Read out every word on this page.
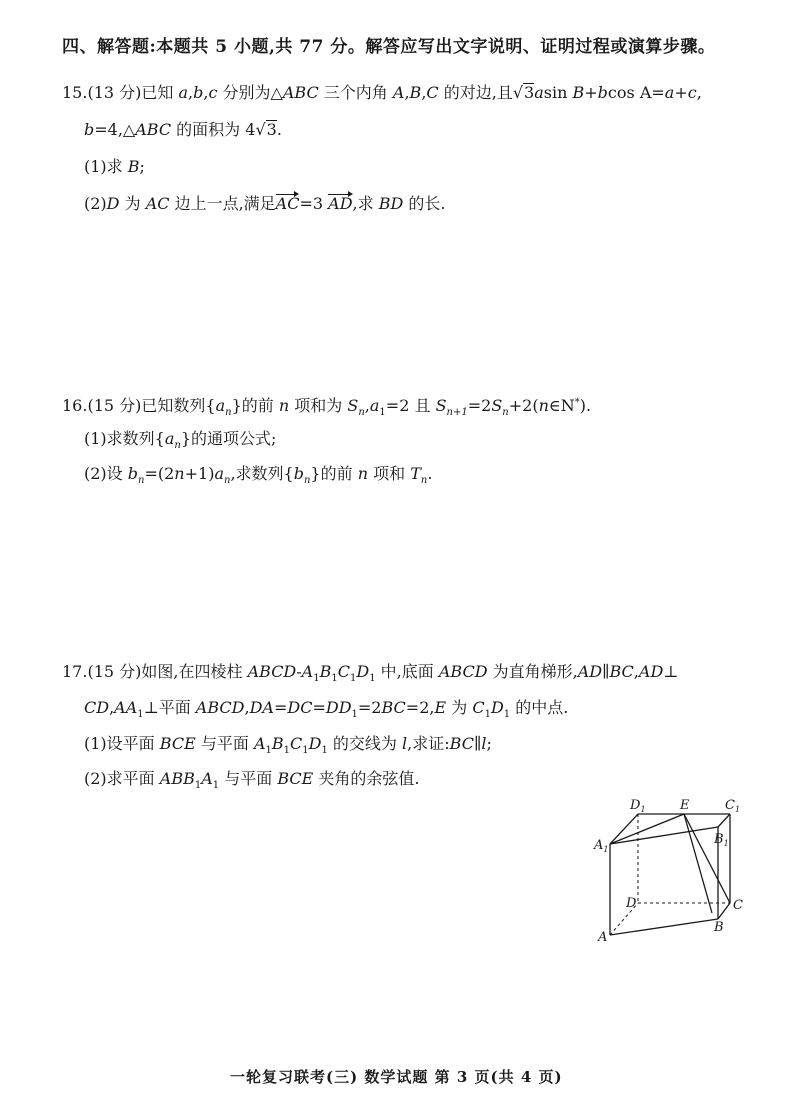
四、解答题:本题共 5 小题,共 77 分。解答应写出文字说明、证明过程或演算步骤。
15.(13 分)已知 a,b,c 分别为△ABC 三个内角 A,B,C 的对边,且√3asin B+bcos A=a+c,
b=4,△ABC 的面积为 4√3.
(1)求 B;
(2)D 为 AC 边上一点,满足AC=3 AD,求 BD 的长.
16.(15 分)已知数列$\{a_n\}$的前 n 项和为 $S_n,a_1=2$ 且 $S_{n+1}=2S_n+2(n\in N^*)$.
(1)求数列$\{a_n\}$的通项公式;
(2)设 $b_n=(2n+1)a_n$,求数列$\{b_n\}$的前 n 项和 $T_n$.
17.(15 分)如图,在四棱柱 ABCD-$A_1B_1C_1D_1$ 中,底面 ABCD 为直角梯形,AD∥BC,AD⊥
$CD,AA_1\perp$平面 $ABCD,DA=DC=DD_1=2BC=2,E$ 为 $C_1D_1$ 的中点.
(1)设平面 BCE 与平面 $A_1B_1C_1D_1$ 的交线为 l,求证:BC∥l;
(2)求平面 $ABB_1A_1$ 与平面 BCE 夹角的余弦值.
$D_1$	E	$C_1$
$A_1$
$B_1$
D	C
A
B
一轮复习联考(三) 数学试题 第 3 页(共 4 页)
